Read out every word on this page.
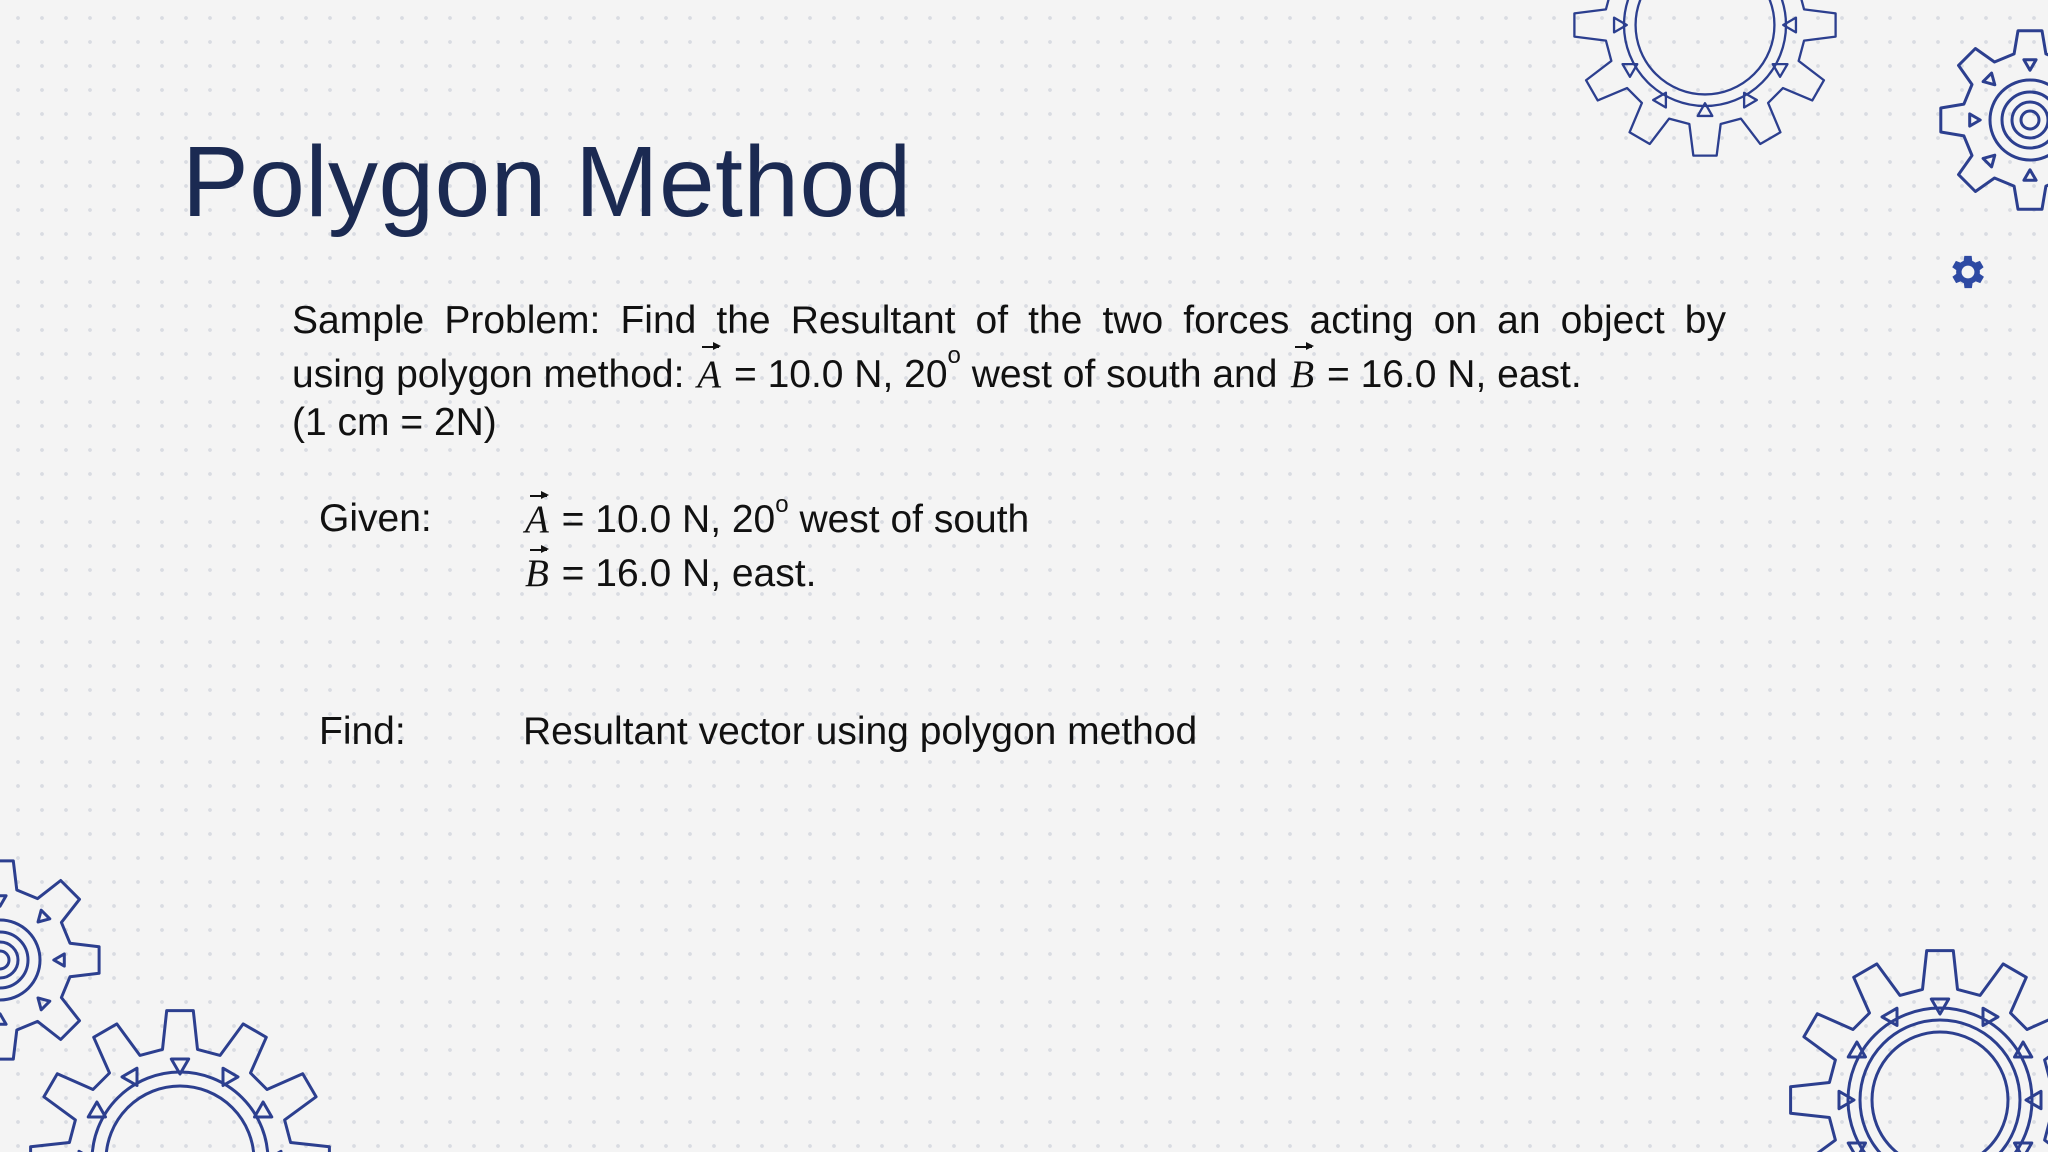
Polygon Method
Sample Problem: Find the Resultant of the two forces acting on an object by
using polygon method: A = 10.0 N, 20$^o$ west of south and B = 16.0 N, east.
(1 cm = 2N)
Given: A = 10.0 N, 20$^o$ west of south
B = 16.0 N, east.
Find:	Resultant vector using polygon method
